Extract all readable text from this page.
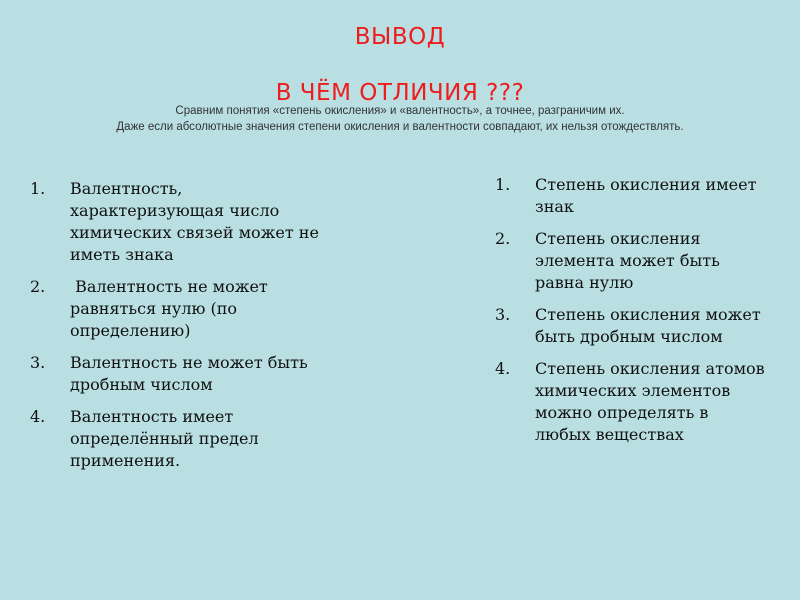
ВЫВОД
В ЧЁМ ОТЛИЧИЯ ???
Сравним понятия «степень окисления» и «валентность», а точнее, разграничим их.
Даже если абсолютные значения степени окисления и валентности совпадают, их нельзя отождествлять.
1. Валентность, характеризующая число химических связей может не иметь знака
2. Валентность не может равняться нулю (по определению)
3. Валентность не может быть дробным числом
4. Валентность имеет определённый предел применения.
1. Степень окисления имеет знак
2. Степень окисления элемента может быть равна нулю
3. Степень окисления может быть дробным числом
4. Степень окисления атомов химических элементов можно определять в любых веществах
